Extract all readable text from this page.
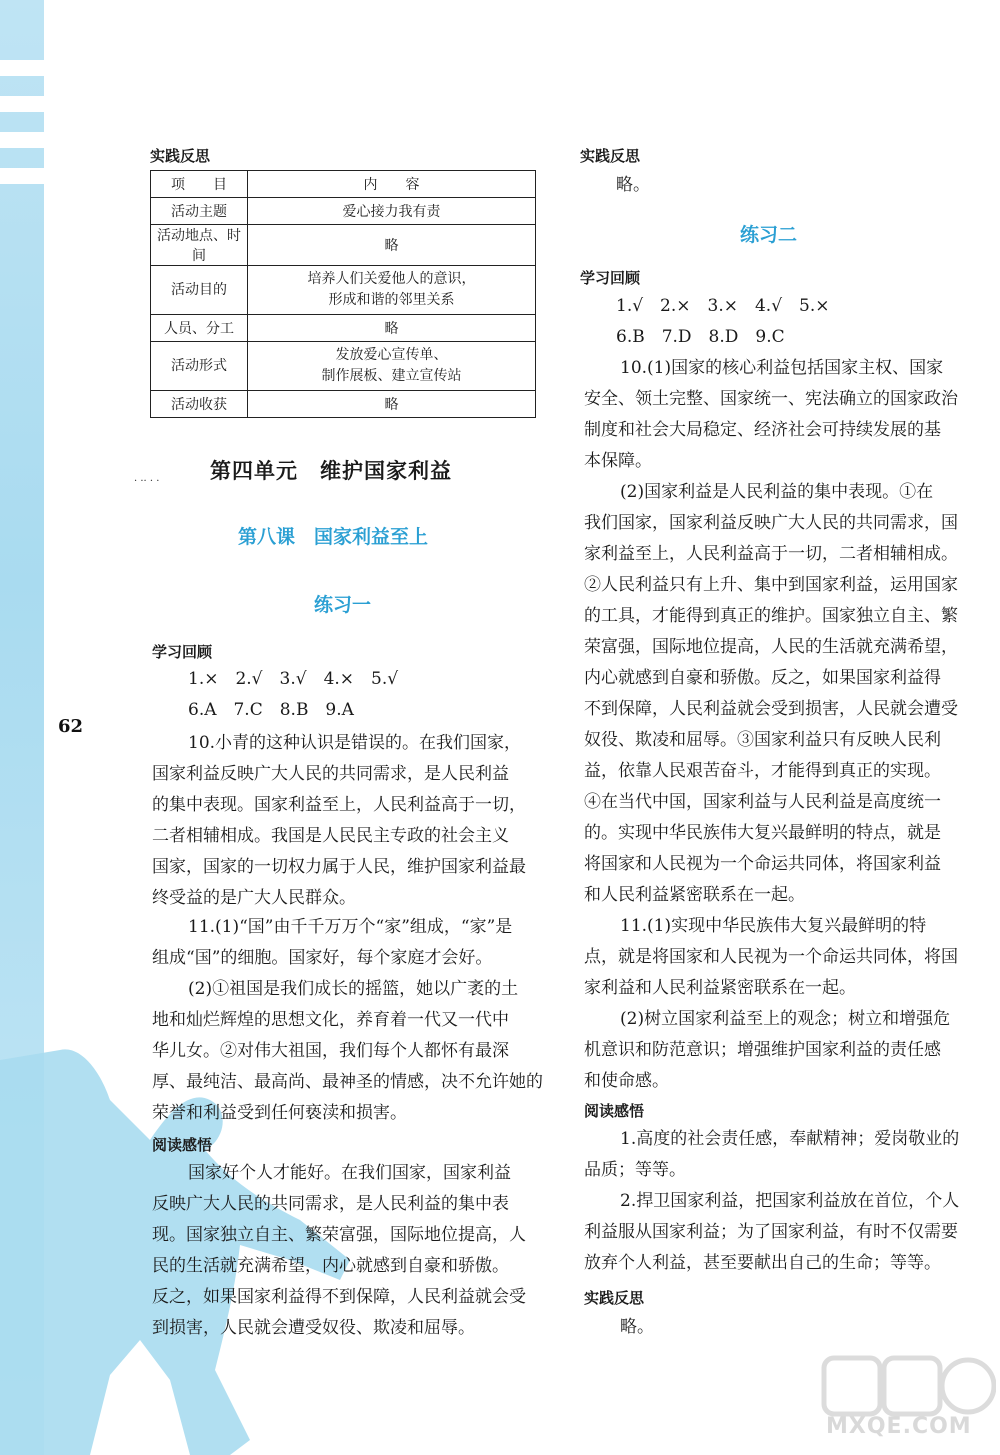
62
实践反思
项　　目	内　　容
活动主题	爱心接力我有责
活动地点、时间	略
活动目的	培养人们关爱他人的意识，
形成和谐的邻里关系
人员、分工	略
活动形式	发放爱心宣传单、
制作展板、建立宣传站
活动收获	略
· ·· · · 第四单元　维护国家利益
第八课　国家利益至上
练习一
学习回顾
1.×　2.√　3.√　4.×　5.√
6.A　7.C　8.B　9.A
10.小青的这种认识是错误的。在我们国家，
国家利益反映广大人民的共同需求，是人民利益
的集中表现。国家利益至上，人民利益高于一切，
二者相辅相成。我国是人民民主专政的社会主义
国家，国家的一切权力属于人民，维护国家利益最
终受益的是广大人民群众。
11.(1)“国”由千千万万个“家”组成，“家”是
组成“国”的细胞。国家好，每个家庭才会好。
(2)①祖国是我们成长的摇篮，她以广袤的土
地和灿烂辉煌的思想文化，养育着一代又一代中
华儿女。②对伟大祖国，我们每个人都怀有最深
厚、最纯洁、最高尚、最神圣的情感，决不允许她的
荣誉和利益受到任何亵渎和损害。
阅读感悟
国家好个人才能好。在我们国家，国家利益
反映广大人民的共同需求，是人民利益的集中表
现。国家独立自主、繁荣富强，国际地位提高，人
民的生活就充满希望，内心就感到自豪和骄傲。
反之，如果国家利益得不到保障，人民利益就会受
到损害，人民就会遭受奴役、欺凌和屈辱。
实践反思
略。
练习二
学习回顾
1.√　2.×　3.×　4.√　5.×
6.B　7.D　8.D　9.C
10.(1)国家的核心利益包括国家主权、国家
安全、领土完整、国家统一、宪法确立的国家政治
制度和社会大局稳定、经济社会可持续发展的基
本保障。
(2)国家利益是人民利益的集中表现。①在
我们国家，国家利益反映广大人民的共同需求，国
家利益至上，人民利益高于一切，二者相辅相成。
②人民利益只有上升、集中到国家利益，运用国家
的工具，才能得到真正的维护。国家独立自主、繁
荣富强，国际地位提高，人民的生活就充满希望，
内心就感到自豪和骄傲。反之，如果国家利益得
不到保障，人民利益就会受到损害，人民就会遭受
奴役、欺凌和屈辱。③国家利益只有反映人民利
益，依靠人民艰苦奋斗，才能得到真正的实现。
④在当代中国，国家利益与人民利益是高度统一
的。实现中华民族伟大复兴最鲜明的特点，就是
将国家和人民视为一个命运共同体，将国家利益
和人民利益紧密联系在一起。
11.(1)实现中华民族伟大复兴最鲜明的特
点，就是将国家和人民视为一个命运共同体，将国
家利益和人民利益紧密联系在一起。
(2)树立国家利益至上的观念；树立和增强危
机意识和防范意识；增强维护国家利益的责任感
和使命感。
阅读感悟
1.高度的社会责任感，奉献精神；爱岗敬业的
品质；等等。
2.捍卫国家利益，把国家利益放在首位，个人
利益服从国家利益；为了国家利益，有时不仅需要
放弃个人利益，甚至要献出自己的生命；等等。
实践反思
略。
MXQE.COM
